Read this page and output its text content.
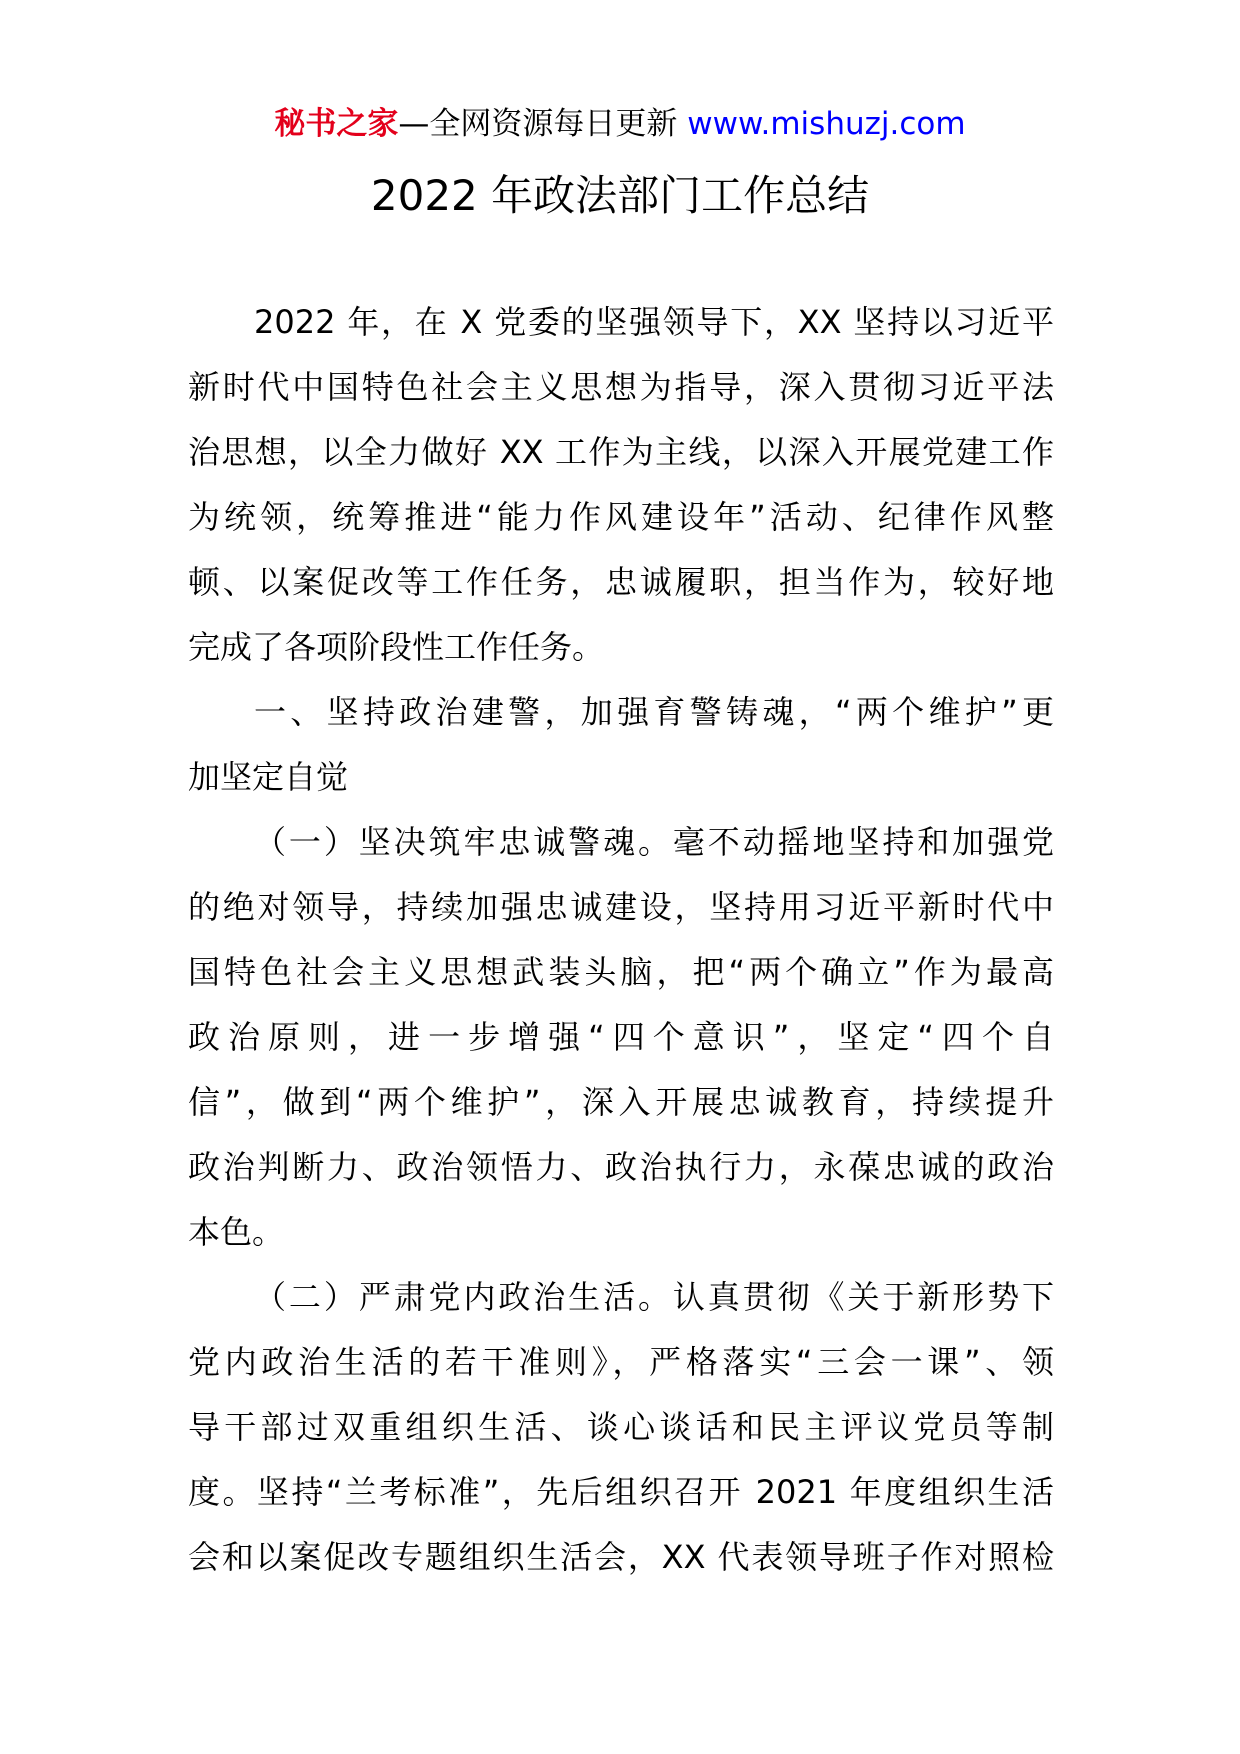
秘书之家—全网资源每日更新 www.mishuzj.com
2022 年政法部门工作总结
2022 年，在 X 党委的坚强领导下，XX 坚持以习近平
新时代中国特色社会主义思想为指导，深入贯彻习近平法
治思想，以全力做好 XX 工作为主线，以深入开展党建工作
为统领，统筹推进“能力作风建设年”活动、纪律作风整
顿、以案促改等工作任务，忠诚履职，担当作为，较好地
完成了各项阶段性工作任务。
一、坚持政治建警，加强育警铸魂，“两个维护”更
加坚定自觉
（一）坚决筑牢忠诚警魂。毫不动摇地坚持和加强党
的绝对领导，持续加强忠诚建设，坚持用习近平新时代中
国特色社会主义思想武装头脑，把“两个确立”作为最高
政治原则，进一步增强“四个意识”，坚定“四个自
信”，做到“两个维护”，深入开展忠诚教育，持续提升
政治判断力、政治领悟力、政治执行力，永葆忠诚的政治
本色。
（二）严肃党内政治生活。认真贯彻《关于新形势下
党内政治生活的若干准则》，严格落实“三会一课”、领
导干部过双重组织生活、谈心谈话和民主评议党员等制
度。坚持“兰考标准”，先后组织召开 2021 年度组织生活
会和以案促改专题组织生活会，XX 代表领导班子作对照检
